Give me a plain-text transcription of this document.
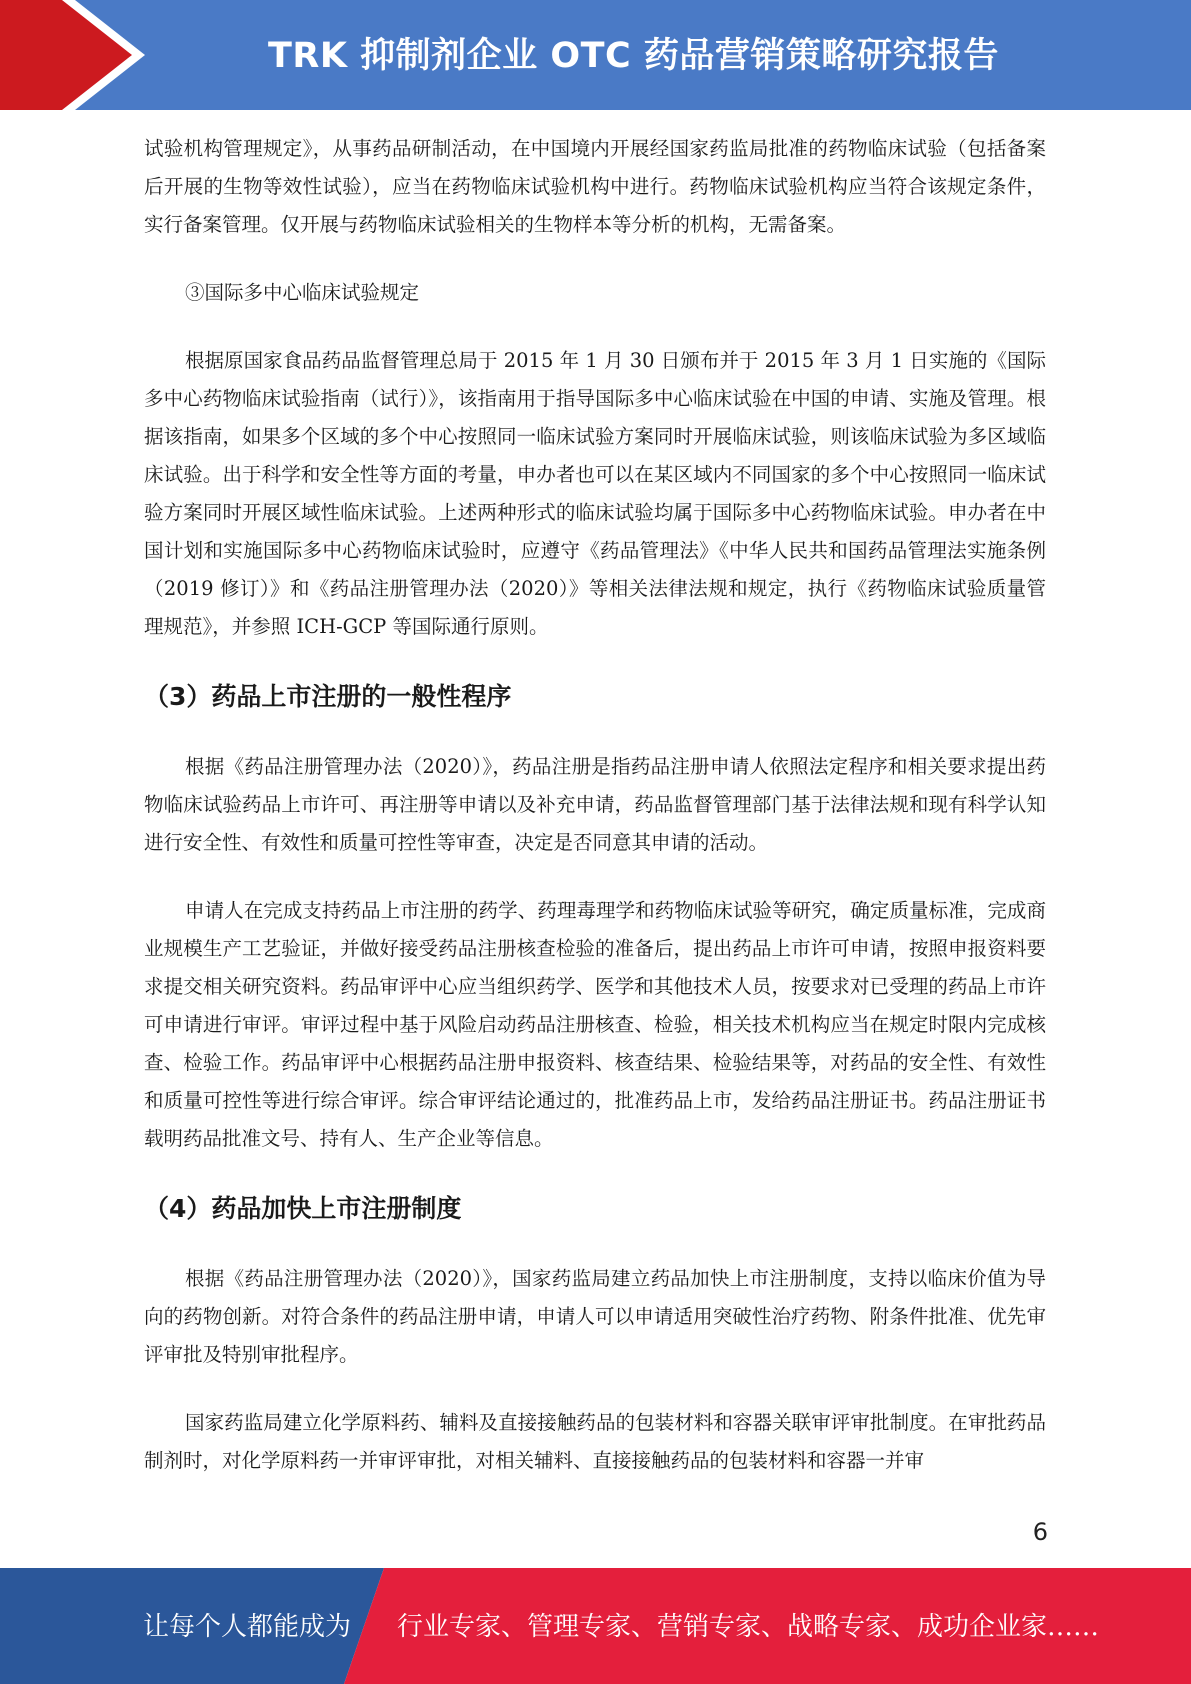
TRK 抑制剂企业 OTC 药品营销策略研究报告

试验机构管理规定》，从事药品研制活动，在中国境内开展经国家药监局批准的药物临床试验（包括备案后开展的生物等效性试验），应当在药物临床试验机构中进行。药物临床试验机构应当符合该规定条件，实行备案管理。仅开展与药物临床试验相关的生物样本等分析的机构，无需备案。

③国际多中心临床试验规定

根据原国家食品药品监督管理总局于 2015 年 1 月 30 日颁布并于 2015 年 3 月 1 日实施的《国际多中心药物临床试验指南（试行）》，该指南用于指导国际多中心临床试验在中国的申请、实施及管理。根据该指南，如果多个区域的多个中心按照同一临床试验方案同时开展临床试验，则该临床试验为多区域临床试验。出于科学和安全性等方面的考量，申办者也可以在某区域内不同国家的多个中心按照同一临床试验方案同时开展区域性临床试验。上述两种形式的临床试验均属于国际多中心药物临床试验。申办者在中国计划和实施国际多中心药物临床试验时，应遵守《药品管理法》《中华人民共和国药品管理法实施条例（2019 修订）》和《药品注册管理办法（2020）》等相关法律法规和规定，执行《药物临床试验质量管理规范》，并参照 ICH-GCP 等国际通行原则。

（3）药品上市注册的一般性程序

根据《药品注册管理办法（2020）》，药品注册是指药品注册申请人依照法定程序和相关要求提出药物临床试验药品上市许可、再注册等申请以及补充申请，药品监督管理部门基于法律法规和现有科学认知进行安全性、有效性和质量可控性等审查，决定是否同意其申请的活动。

申请人在完成支持药品上市注册的药学、药理毒理学和药物临床试验等研究，确定质量标准，完成商业规模生产工艺验证，并做好接受药品注册核查检验的准备后，提出药品上市许可申请，按照申报资料要求提交相关研究资料。药品审评中心应当组织药学、医学和其他技术人员，按要求对已受理的药品上市许可申请进行审评。审评过程中基于风险启动药品注册核查、检验，相关技术机构应当在规定时限内完成核查、检验工作。药品审评中心根据药品注册申报资料、核查结果、检验结果等，对药品的安全性、有效性和质量可控性等进行综合审评。综合审评结论通过的，批准药品上市，发给药品注册证书。药品注册证书载明药品批准文号、持有人、生产企业等信息。

（4）药品加快上市注册制度

根据《药品注册管理办法（2020）》，国家药监局建立药品加快上市注册制度，支持以临床价值为导向的药物创新。对符合条件的药品注册申请，申请人可以申请适用突破性治疗药物、附条件批准、优先审评审批及特别审批程序。

国家药监局建立化学原料药、辅料及直接接触药品的包装材料和容器关联审评审批制度。在审批药品制剂时，对化学原料药一并审评审批，对相关辅料、直接接触药品的包装材料和容器一并审

6
让每个人都能成为 行业专家、管理专家、营销专家、战略专家、成功企业家……
